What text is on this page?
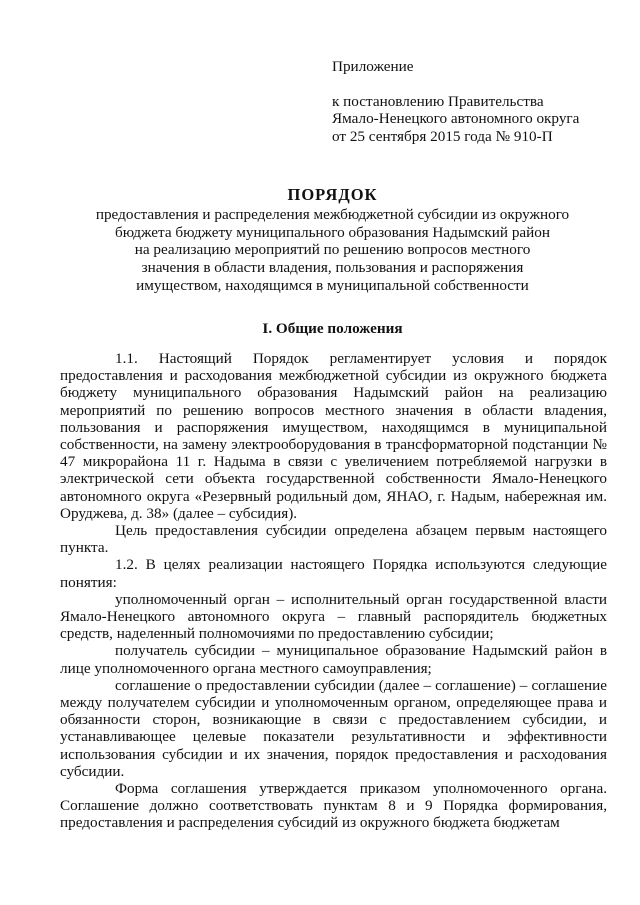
Приложение

к постановлению Правительства

Ямало-Ненецкого автономного округа

от 25 сентября 2015 года № 910-П

ПОРЯДОК

предоставления и распределения межбюджетной субсидии из окружного

бюджета бюджету муниципального образования Надымский район

на реализацию мероприятий по решению вопросов местного

значения в области владения, пользования и распоряжения

имуществом, находящимся в муниципальной собственности

I. Общие положения

1.1. Настоящий Порядок регламентирует условия и порядок предоставления и расходования межбюджетной субсидии из окружного бюджета бюджету муниципального образования Надымский район на реализацию мероприятий по решению вопросов местного значения в области владения, пользования и распоряжения имуществом, находящимся в муниципальной собственности, на замену электрооборудования в трансформаторной подстанции № 47 микрорайона 11 г. Надыма в связи с увеличением потребляемой нагрузки в электрической сети объекта государственной собственности Ямало-Ненецкого автономного округа «Резервный родильный дом, ЯНАО, г. Надым, набережная им. Оруджева, д. 38» (далее – субсидия).

Цель предоставления субсидии определена абзацем первым настоящего пункта.

1.2. В целях реализации настоящего Порядка используются следующие понятия:

уполномоченный орган – исполнительный орган государственной власти Ямало-Ненецкого автономного округа – главный распорядитель бюджетных средств, наделенный полномочиями по предоставлению субсидии;

получатель субсидии – муниципальное образование Надымский район в лице уполномоченного органа местного самоуправления;

соглашение о предоставлении субсидии (далее – соглашение) – соглашение между получателем субсидии и уполномоченным органом, определяющее права и обязанности сторон, возникающие в связи с предоставлением субсидии, и устанавливающее целевые показатели результативности и эффективности использования субсидии и их значения, порядок предоставления и расходования субсидии.

Форма соглашения утверждается приказом уполномоченного органа. Соглашение должно соответствовать пунктам 8 и 9 Порядка формирования, предоставления и распределения субсидий из окружного бюджета бюджетам
